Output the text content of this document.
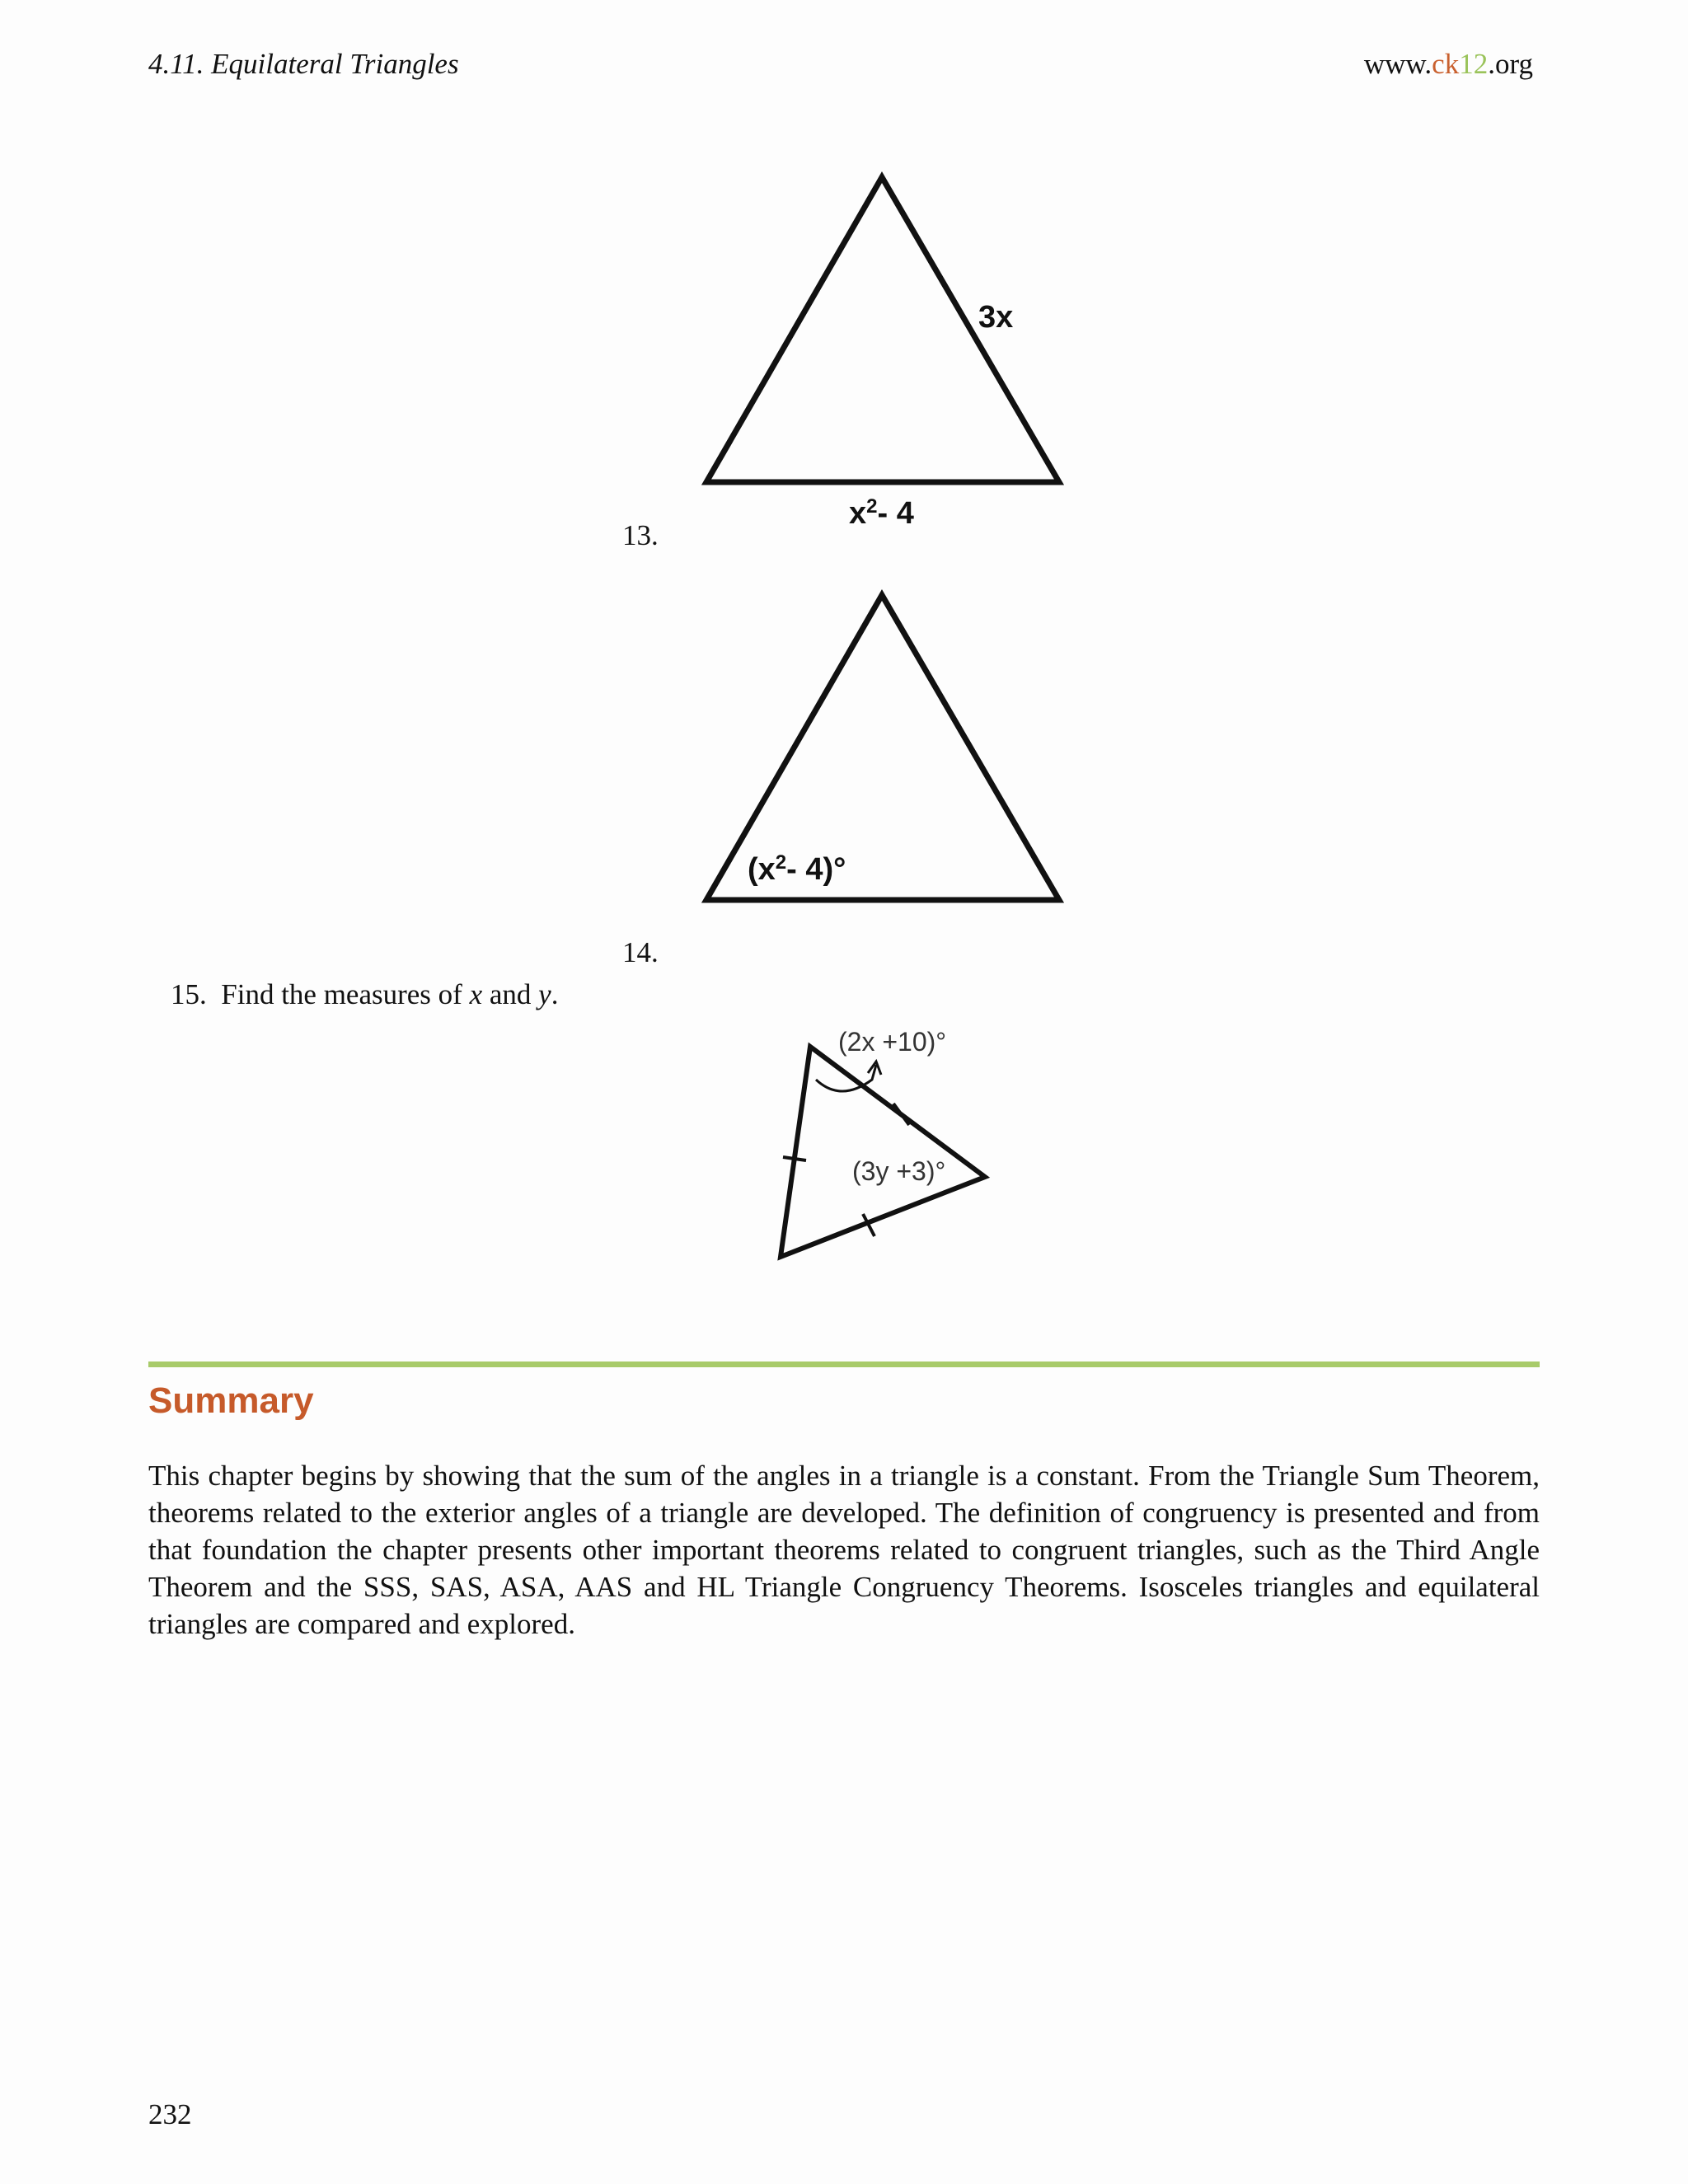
4.11. Equilateral Triangles	www.ck12.org
3x
$x^2-$ 4
13.
($x^2-$ 4)°
14.
15. Find the measures of x and y.
(2x +10)°
(3y +3)°
Summary
This chapter begins by showing that the sum of the angles in a triangle is a constant. From the Triangle Sum Theorem, theorems related to the exterior angles of a triangle are developed. The definition of congruency is presented and from that foundation the chapter presents other important theorems related to congruent triangles, such as the Third Angle Theorem and the SSS, SAS, ASA, AAS and HL Triangle Congruency Theorems. Isosceles triangles and equilateral triangles are compared and explored.
232
